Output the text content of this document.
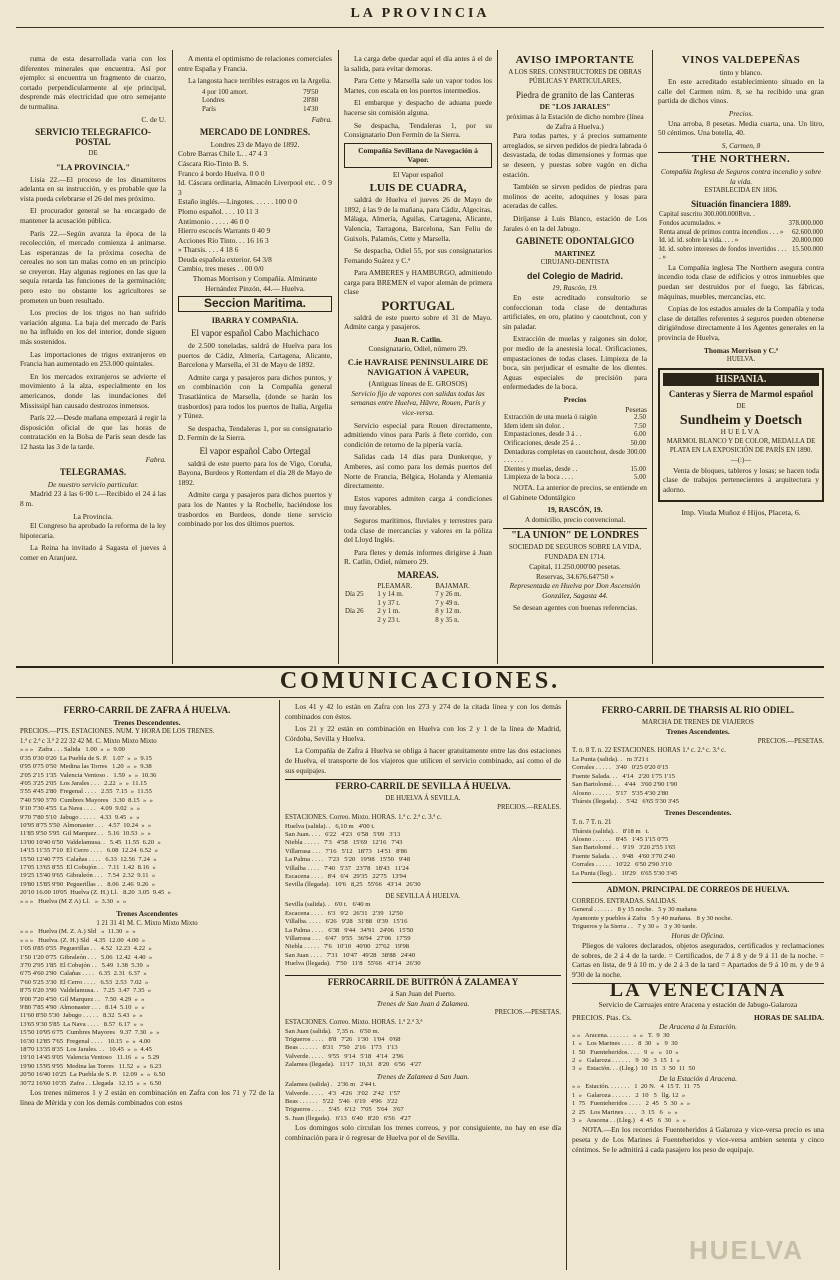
LA PROVINCIA

ruma de esta desarrollada varia con los diferentes minerales que encuentra. Así por ejemplo: si encuentra un fragmento de cuarzo, cortado perpendicularmente al eje principal, desprende más electricidad que otro semejante de turmalina.

C. de U.
SERVICIO TELEGRAFICO-POSTAL
DE
"LA PROVINCIA."

Lisia 22.—El proceso de los dinamiteros adelanta en su instrucción, y es probable que la vista pueda celebrarse el 26 del mes próximo.

El procurador general se ha encargado de mantener la acusación pública.

París 22.—Según avanza la época de la recolección, el mercado comienza á animarse. Las esperanzas de la próxima cosecha de cereales no son tan malas como en un principio se creyeron. Hay algunas regiones en las que la sequía retarda las funciones de la germinación; pero esto no obstante los agricultores se prometen un buen resultado.

Los precios de los trigos no han sufrido variación alguna. La baja del mercado de París no ha influido en los del interior, donde siguen más sostenidos.

Las importaciones de trigos extranjeros en Francia han aumentado en 253.000 quintales.

En los mercados extranjeros se advierte el movimiento á la alza, especialmente en los americanos, donde las inundaciones del Mississipí han causado destrozos inmensos.

París 22.—Desde mañana empezará á regir la disposición oficial de que las horas de contratación en la Bolsa de París sean desde las 12 hasta las 3 de la tarde.

Fabra.
TELEGRAMAS.
De nuestro servicio particular.

Madrid 23 á las 6·00 t.—Recibido el 24 á las 8 m.

La Provincia.

El Congreso ha aprobado la reforma de la ley hipotecaria.

La Reina ha invitado á Sagasta el jueves á comer en Aranjuez.

A menta el optimismo de relaciones comerciales entre España y Francia.

La langosta hace terribles estragos en la Argelia.

4 por 100 amort.	79'50
Londres	28'80
París	14'30
Fabra.
MERCADO DE LONDRES.
Londres 23 de Mayo de 1892.
Cobre Barras Chile L. . 47 4 3
Cáscara Río-Tinto B. S.
Franco á bordo Huelva. 0 0 0
Id. Cáscara ordinaria, Almacén Liverpool etc. . 0 9 3
Estaño inglés.—Lingotes. . . . . . 100 0 0
Plomo español. . . . 10 11 3
Antimonio . . . . . 46 0 0
Hierro escocés Warrants 0 40 9
Acciones Río Tinto. . . 16 16 3
» Tharsis. . . . 4 18 6
Deuda española exterior. 64 3/8
Cambio, tres meses . . 00 0/0

Thomas Morrison y Compañía. Almirante Hernández Pinzón, 44.— Huelva.

Seccion Maritima.
IBARRA Y COMPAÑIA.
El vapor español Cabo Machichaco

de 2.500 toneladas, saldrá de Huelva para los puertos de Cádiz, Almería, Cartagena, Alicante, Barcelona y Marsella, el 31 de Mayo de 1892.

Admite carga y pasajeros para dichos puntos, y en combinación con la Compañía general Trasatlántica de Marsella, (donde se harán los trasbordos) para todos los puertos de Italia, Argelia y Túnez.

Se despacha, Tendaleras 1, por su consignatario D. Fermín de la Sierra.

El vapor español Cabo Ortegal

saldrá de este puerto para los de Vigo, Coruña, Bayona, Burdeos y Rotterdam el día 28 de Mayo de 1892.

Admite carga y pasajeros para dichos puertos y para los de Nantes y la Rochelle, haciéndose los trasbordos en Burdeos, donde tiene servicio combinado por los dos últimos puertos.

La carga debe quedar aquí el día antes á el de la salida, para evitar demoras.

Para Cette y Marsella sale un vapor todos los Martes, con escala en los puertos intermedios.

El embarque y despacho de aduana puede hacerse sin comisión alguna.

Se despacha, Tendaleras 1, por su Consignatario Don Fermín de la Sierra.

Compañía Sevillana de Navegación á Vapor.
El Vapor español
LUIS DE CUADRA,

saldrá de Huelva el jueves 26 de Mayo de 1892, á las 9 de la mañana, para Cádiz, Algeciras, Málaga, Almería, Aguilas, Cartagena, Alicante, Valencia, Tarragona, Barcelona, San Feliu de Guixols, Palamós, Cette y Marsella.

Se despacha, Odiel 55, por sus consignatarios Fernando Suárez y C.ª

Para AMBERES y HAMBURGO, admitiendo carga para BREMEN el vapor alemán de primera clase

PORTUGAL

saldrá de este puerto sobre el 31 de Mayo. Admite carga y pasajeros.

Juan R. Catlin.
Consignatario, Odiel, número 29.
C.ie HAVRAISE PENINSULAIRE DE NAVIGATION Á VAPEUR,
(Antiguas líneas de E. GROSOS)

Servicio fijo de vapores con salidas todas las semanas entre Huelva, Hâvre, Rouen, París y vice-versa.

Servicio especial para Rouen directamente, admitiendo vinos para París á flete corrido, con condición de retorno de la pipería vacía.

Salidas cada 14 días para Dunkerque, y Amberes, así como para los demás puertos del Norte de Francia, Bélgica, Holanda y Alemania directamente.

Estos vapores admiten carga á condiciones muy favorables.

Seguros marítimos, fluviales y terrestres para toda clase de mercancías y valores en la póliza del Lloyd Inglés.

Para fletes y demás informes dirigirse á Juan R. Catlin, Odiel, número 29.

MAREAS.
	PLEAMAR.	BAJAMAR.
Día 25	1 y 14 m.	7 y 26 m.
	1 y 37 t.	7 y 49 n.
Día 26	2 y 1 m.	8 y 12 m.
	2 y 23 t.	8 y 35 n.
AVISO IMPORTANTE
A LOS SRES. CONSTRUCTORES DE OBRAS PÚBLICAS Y PARTICULARES,
Piedra de granito de las Canteras
DE "LOS JARALES"
próximas á la Estación de dicho nombre (línea de Zafra á Huelva.)

Para todas partes, y á precios sumamente arreglados, se sirven pedidos de piedra labrada ó desvastada, de todas dimensiones y formas que se deseen, y puestas sobre vagón en dicha estación.

También se sirven pedidos de piedras para molinos de aceite, adoquines y losas para aceradas de calles.

Diríjanse á Luis Blanco, estación de Los Jarales ó en la del Jabugo.

GABINETE ODONTALGICO
MARTINEZ
CIRUJANO-DENTISTA
del Colegio de Madrid.
19, Rascón, 19.

En este acreditado consultorio se confeccionan toda clase de dentaduras artificiales, en oro, platino y caoutchout, con y sin paladar.

Extracción de muelas y raigones sin dolor, por medio de la anestesia local. Orificaciones, empastaciones de todas clases. Limpieza de la boca, sin perjudicar el esmalte de los dientes. Aguas especiales de precisión para enfermedades de la boca.

Precios
Pesetas
Extracción de una muela ó raigón	2.50
Idem idem sin dolor. .	7.50
Empastaciones, desde 3 á . .	6.00
Orificaciones, desde 25 á . .	50.00
Dentaduras completas en caoutchout, desde . . . . . .	300.00
Dientes y muelas, desde . .	15.00
Limpieza de la boca . . . .	5.00

NOTA. La anterior de precios, se entiende en el Gabinete Odontálgico

19, RASCÓN, 19.
A domicilio, precio convencional.
"LA UNION" DE LONDRES
SOCIEDAD DE SEGUROS SOBRE LA VIDA, FUNDADA EN 1714.
Capital, 11.250.000'00 pesetas.
Reservas, 34.676.647'50 »

Representada en Huelva por Don Ascensión González, Sagasta 44.

Se desean agentes con buenas referencias.

VINOS VALDEPEÑAS
tinto y blanco.

En este acreditado establecimiento situado en la calle del Carmen núm. 8, se ha recibido una gran partida de dichos vinos.

Precios.

Una arroba, 8 pesetas. Media cuarta, una. Un litro, 50 céntimos. Una botella, 40.

S, Carmen, 8
THE NORTHERN.
Compañía Inglesa de Seguros contra incendio y sobre la vida.
ESTABLECIDA EN 1836.
Situación financiera 1889.
Capital suscrito 300.000.000Rvn. .	
Fondos acumulados. »	378.000.000
Renta anual de primos contra incendios . . . »	62.600.000
Id. id. id. sobre la vida. . . . »	20.800.000
Id. id. sobre intereses de fondos invertidos . . . . »	15.500.000

La Compañía inglesa The Northern asegura contra incendio toda clase de edificios y otros inmuebles que puedan ser destruidos por el fuego, las fábricas, máquinas, muebles, mercancías, etc.

Copias de los estados anuales de la Compañía y toda clase de detalles referentes á seguros pueden obtenerse dirigiéndose directamente á los Agentes generales en la provincia de Huelva,

Thomas Morrison y C.ª
HUELVA.
HISPANIA.
Canteras y Sierra de Marmol español
DE
Sundheim y Doetsch
HUELVA
MARMOL BLANCO Y DE COLOR, MEDALLA DE PLATA EN LA EXPOSICIÓN DE PARÍS EN 1890.
—(:)—

Venta de bloques, tableros y losas; se hacen toda clase de trabajos pertenecientes á arquitectura y adorno.

Imp. Viuda Muñoz é Hijos, Placeta, 6.
COMUNICACIONES.
FERRO-CARRIL DE ZAFRA Á HUELVA.
Trenes Descendentes.
PRECIOS.—PTS. ESTACIONES. NUM. Y HORA DE LOS TRENES.
1.ª c 2.ª c 3.ª 2 22 32 42 M. C. Mixto Mixto Mixto
» » »   Zafra . . . Salida   1.00  »  »  9.00
0'35 0'30 0'20  La Puebla de S. P.   1.07  »  »  9.15
0'95 0'75 0'50  Medina las Torres   1.20  »  »  9.38
2'05 2'15 1'35  Valencia Ventoso .   1.59  »  »  10.36
4'05 3'25 2'05  Los Jarales . . .   2.22  »  »  11.15
5'55 4'45 2'80  Fregenal . . . .   2.55  7.15  »  11.55
7'40 5'90 3'70  Cumbres Mayores   3.30  8.15  »  »
9'10 7'30 4'55  La Nava . . . .   4.09  9.02  »  »
9'70 7'80 5'10  Jabugo . . . . .   4.33  9.45  »  »
10'95 8'75 5'50  Almonaster . . .   4.57  10.24  »  »
11'85 9'50 5'95  Gil Marquez . .   5.16  10.53  »  »
13'00 10'40 6'50  Valdelamusa. .   5.45  11.55  6.20  »
14'15 11'35 7'10  El Cerro . . . .   6.08  12.24  6.52  »
15'50 12'40 7'75  Calañas . . . .   6.33  12.56  7.24  »
17'05 13'65 8'55  El Cobujón . .   7.11  1.42  8.16  »
19'25 15'40 9'65  Gibraleón . . .   7.54  2.32  9.11  »
19'80 15'85 9'90  Peguerillas . .   8.06  2.46  9.26  »
20'10 16.00 10'05  Huelva (Z. H.) Ll.   8.20  3.05  9.45  »
» » »   Huelva (M Z A) Ll.   »  3.30  »  »
Trenes Ascendentes
1 21 31 41 M. C. Mixto Mixto Mixto
» » »   Huelva (M. Z. A.) Sld   »  11.30  »  »
» » »   Huelva. (Z. H.) Sld   4.35  12.00  4.00  »
1'05 0'85 0'55  Peguerillas . .   4.52  12.23  4.22  »
1'50 1'20 0'75  Gibraleón . . .   5.06  12.42  4.40  »
3'70 2'95 1'85  El Cobujón . .   5.49  1.38  5.39  »
6'75 4'60 2'90  Calañas . . . .   6.35  2.31  6.37  »
7'60 5'25 3'30  El Cerro . . . .   6.53  2.53  7.02  »
8'75 6'20 3'90  Valdelamusa. .   7.25  3.47  7.35  »
9'00 7'20 4'50  Gil Marquez . .   7.50  4.29  »  »
9'80 7'85 4'90  Almonaster . . .   8.14  5.10  »  »
11'60 8'50 5'30  Jabugo . . . . .   8.32  5.43  »  »
13'65 9'30 5'85  La Nava . . . .   8.57  6.17  »  »
15'50 10'95 6'75  Cumbres Mayores   9.37  7.30  »  »
16'30 12'85 7'65  Fregenal . . . .   10.15  »  »  4.00
18'70 13'35 8'35  Los Jarales. . .   10.45  »  »  4.45
19'10 14'45 9'05  Valencia Ventoso   11.16  »  »  5.29
19'90 15'95 9'95  Medina las Torres   11.52  »  »  6.23
20'50 16'40 10'25  La Puebla de S. P.   12.09  »  »  6.50
30'72 16'60 10'35  Zafra . . Llegada   12.15  »  »  6.50

Los trenes números 1 y 2 están en combinación en Zafra con los 71 y 72 de la línea de Mérida y con los demás combinados con estos

Los 41 y 42 lo están en Zafra con los 273 y 274 de la citada línea y con los demás combinados con éstos.

Los 21 y 22 están en combinación en Huelva con los 2 y 1 de la línea de Madrid, Córdoba, Sevilla y Huelva.

La Compañía de Zafra á Huelva se obliga á hacer gratuitamente entre las dos estaciones de Huelva, el transporte de los viajeros que utilicen el servicio combinado, así como el de sus equipajes.

FERRO-CARRIL DE SEVILLA Á HUELVA.
DE HUELVA Á SEVILLA.
PRECIOS.—REALES.
ESTACIONES. Correo. Mixto. HORAS. 1.ª c. 2.ª c. 3.ª c.
Huelva (salida). .   6,10 m   4'00 t.
San Juan. . . .   6'22   4'23   6'58   5'09   3'13
Niebla . . . . .   7'3   4'58   15'69   12'16   7'43
Villarrasa . . .   7'16   5'12   18'73   14'51   8'86
La Palma . . . .   7'23   5'20   19'98   15'50   9'48
Villalba . . . .   7'40   5'37   23'78   18'43   11'24
Escacena . . . .   8'4   6'4   29'35   22'75   13'94
Sevilla (llegada).   10'6   8,25   55'66   43'14   26'30
DE SEVILLA Á HUELVA.
Sevilla (salida). .   6'0 t.   6'40 m
Escacena . . . .   6'3   9'2   26'31   2'39   12'50
Villalba. . . . .   6'26   9'28   31'88   0'39   15'16
La Palma . . . .   6'38   9'44   34'91   24'06   15'50
Villarrasa . . .   6'47   9'55   36'94   27'06   17'59
Niebla . . . . .   7'6   10'10   40'00   27'62   19'98
San Juan . . . .   7'31   10'47   49'28   38'88   24'40
Huelva (llegada).   7'50   11'8   55'66   43'14   26'30
FERROCARRIL DE BUITRÓN Á ZALAMEA Y
á San Juan del Puerto.
Trenes de San Juan á Zalamea.
PRECIOS.—PESETAS.
ESTACIONES. Correo. Mixto. HORAS. 1.ª 2.ª 3.ª
San Juan (salida).   7,35 n.   6'50 m.
Trigueros . . . .   8'8   7'26   1'30   1'04   0'68
Beas . . . . . .   8'31   7'50   2'16   1'73   1'13
Valverde. . . . .   9'55   9'14   5'18   4'14   2'96
Zalamea (llegada).   11'17   10,31   8'20   6'56   4'27
Trenes de Zalamea á San Juan.
Zalamea (salida) .   2'36 m   2'44 t.
Valverde. . . . .   4'3   4'26   3'02   2'42   1'57
Beas . . . . . .   5'22   5'46   6'19   4'96   3'22
Trigueros . . . .   5'45   6'12   7'05   5'64   3'67
S. Juan (llegada).   6'13   6'40   8'20   6'56   4'27

Los domingos solo circulan los trenes correos, y por consiguiente, no hay en ese día combinación para ir ó regresar de Huelva por el de Sevilla.

FERRO-CARRIL DE THARSIS AL RIO ODIEL.
MARCHA DE TRENES DE VIAJEROS
Trenes Ascendentes.
PRECIOS.—PESETAS.
T. n. 8 T. n. 22 ESTACIONES. HORAS 1.ª c. 2.ª c. 3.ª c.
La Punta (salida). .   m 3'21 t
Corrales . . . . .   3'40   0'25 0'20 0'15
Fuente Salada. . .   4'14   2'20 1'75 1'15
San Bartolomé. . .   4'44   3'60 2'90 1'90
Alosno . . . . . .   5'17   5'35 4'30 2'80
Thársis (llegada). .   5'42   6'65 5'30 3'45
Trenes Descendentes.
T. n. 7 T. n. 21
Thársis (salida). .   8'18 m   t.
Alosno . . . . . .   8'45   1'45 1'15 0'75
San Bartolomé . .   9'19   3'20 2'55 1'65
Fuente Salada. . .   9'48   4'60 3'70 2'40
Corrales . . . . .   10'22   6'50 2'90 3'10
La Punta (lleg). .   10'29   6'65 5'30 3'45
ADMON. PRINCIPAL DE CORREOS DE HUELVA.
CORREOS. ENTRADAS. SALIDAS.
General . . . . . .   8 y 15 noche.   5 y 30 mañana
Ayamonte y pueblos á Zafra   5 y 40 mañana.   8 y 30 noche.
Trigueros y la Sierra . .   7 y 30 »   3 y 30 tarde.
Horas de Oficina.

Pliegos de valores declarados, objetos asegurados, certificados y reclamaciones de sobres, de 2 á 4 de la tarde. = Certificados, de 7 á 8 y de 9 á 11 de la noche. = Cartas en lista, de 9 á 10 m. y de 2 á 3 de la tard = Apartados de 9 á 10 m. y de 9 á 9'30 de la noche.

LA VENECIANA

Servicio de Carruajes entre Aracena y estación de Jabugo-Galaroza

PRECIOS. Ptas. Cs.	HORAS DE SALIDA.
De Aracena á la Estación.
» »   Aracena. . . . . . .   »  »   T.  9  30
1  »   Los Marines . . . .   8  30   »   9  30
1  50   Fuenteheridos. . . .   9  »   »  10  »
2  »   Galaroza . . . . . .   9  30   3  15  1  »
3  »   Estación. . . (Lleg.)  10  15   3  50  11  50
De la Estación á Aracena.
» »   Estación. . . . . . .   1  20 N.   4  15 T.  11  75
1  »   Galaroza . . . . . .   2  10   5   llg. 12  »
1  75   Fuenteheridos . . . .   2  45   5  30  »  »
2  25   Los Marines . . . .   3  15   6   »  »
3  »   Aracena . . (Lleg.)   4  45   6  30   »  »

NOTA.—En los recorridos Fuenteheridos á Galaroza y vice-versa precio es una peseta y de Los Marines á Fuenteheridos y vice-versa ambien setenta y cinco céntimos. Se le admitirá á cada pasajero los peso de equipaje.

HUELVA
